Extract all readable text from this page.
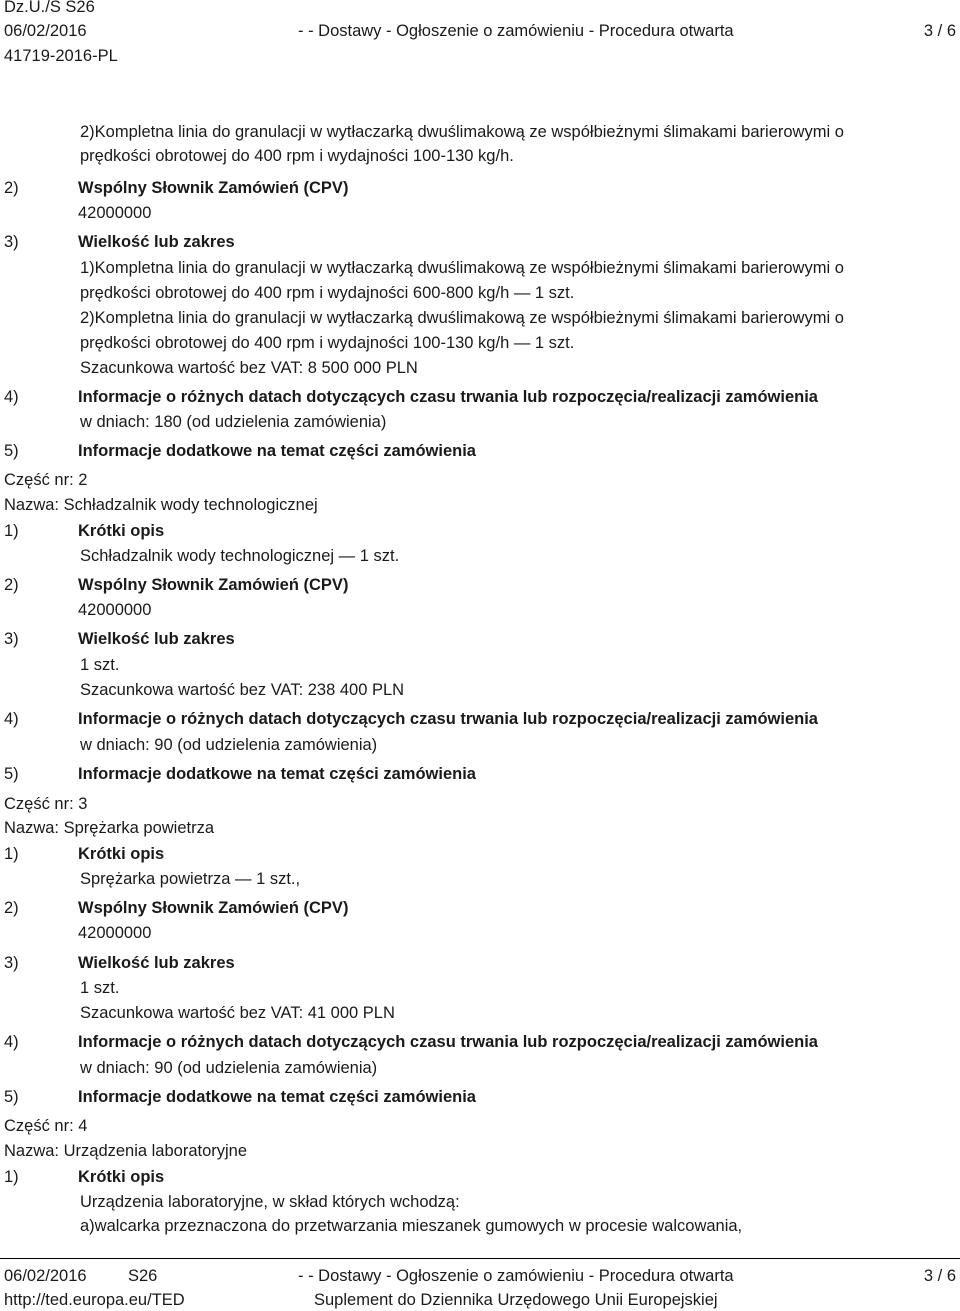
Dz.U./S S26
06/02/2016	- - Dostawy - Ogłoszenie o zamówieniu - Procedura otwarta	3 / 6
41719-2016-PL
2)Kompletna linia do granulacji w wytłaczarką dwuślimakową ze współbieżnymi ślimakami barierowymi o
prędkości obrotowej do 400 rpm i wydajności 100-130 kg/h.
2)	Wspólny Słownik Zamówień (CPV)
42000000
3)	Wielkość lub zakres
1)Kompletna linia do granulacji w wytłaczarką dwuślimakową ze współbieżnymi ślimakami barierowymi o
prędkości obrotowej do 400 rpm i wydajności 600-800 kg/h — 1 szt.
2)Kompletna linia do granulacji w wytłaczarką dwuślimakową ze współbieżnymi ślimakami barierowymi o
prędkości obrotowej do 400 rpm i wydajności 100-130 kg/h — 1 szt.
Szacunkowa wartość bez VAT: 8 500 000 PLN
4)	Informacje o różnych datach dotyczących czasu trwania lub rozpoczęcia/realizacji zamówienia
w dniach: 180 (od udzielenia zamówienia)
5)	Informacje dodatkowe na temat części zamówienia
Część nr: 2
Nazwa: Schładzalnik wody technologicznej
1)	Krótki opis
Schładzalnik wody technologicznej — 1 szt.
2)	Wspólny Słownik Zamówień (CPV)
42000000
3)	Wielkość lub zakres
1 szt.
Szacunkowa wartość bez VAT: 238 400 PLN
4)	Informacje o różnych datach dotyczących czasu trwania lub rozpoczęcia/realizacji zamówienia
w dniach: 90 (od udzielenia zamówienia)
5)	Informacje dodatkowe na temat części zamówienia
Część nr: 3
Nazwa: Sprężarka powietrza
1)	Krótki opis
Sprężarka powietrza — 1 szt.,
2)	Wspólny Słownik Zamówień (CPV)
42000000
3)	Wielkość lub zakres
1 szt.
Szacunkowa wartość bez VAT: 41 000 PLN
4)	Informacje o różnych datach dotyczących czasu trwania lub rozpoczęcia/realizacji zamówienia
w dniach: 90 (od udzielenia zamówienia)
5)	Informacje dodatkowe na temat części zamówienia
Część nr: 4
Nazwa: Urządzenia laboratoryjne
1)	Krótki opis
Urządzenia laboratoryjne, w skład których wchodzą:
a)walcarka przeznaczona do przetwarzania mieszanek gumowych w procesie walcowania,
06/02/2016	S26	- - Dostawy - Ogłoszenie o zamówieniu - Procedura otwarta	3 / 6
http://ted.europa.eu/TED	Suplement do Dziennika Urzędowego Unii Europejskiej
